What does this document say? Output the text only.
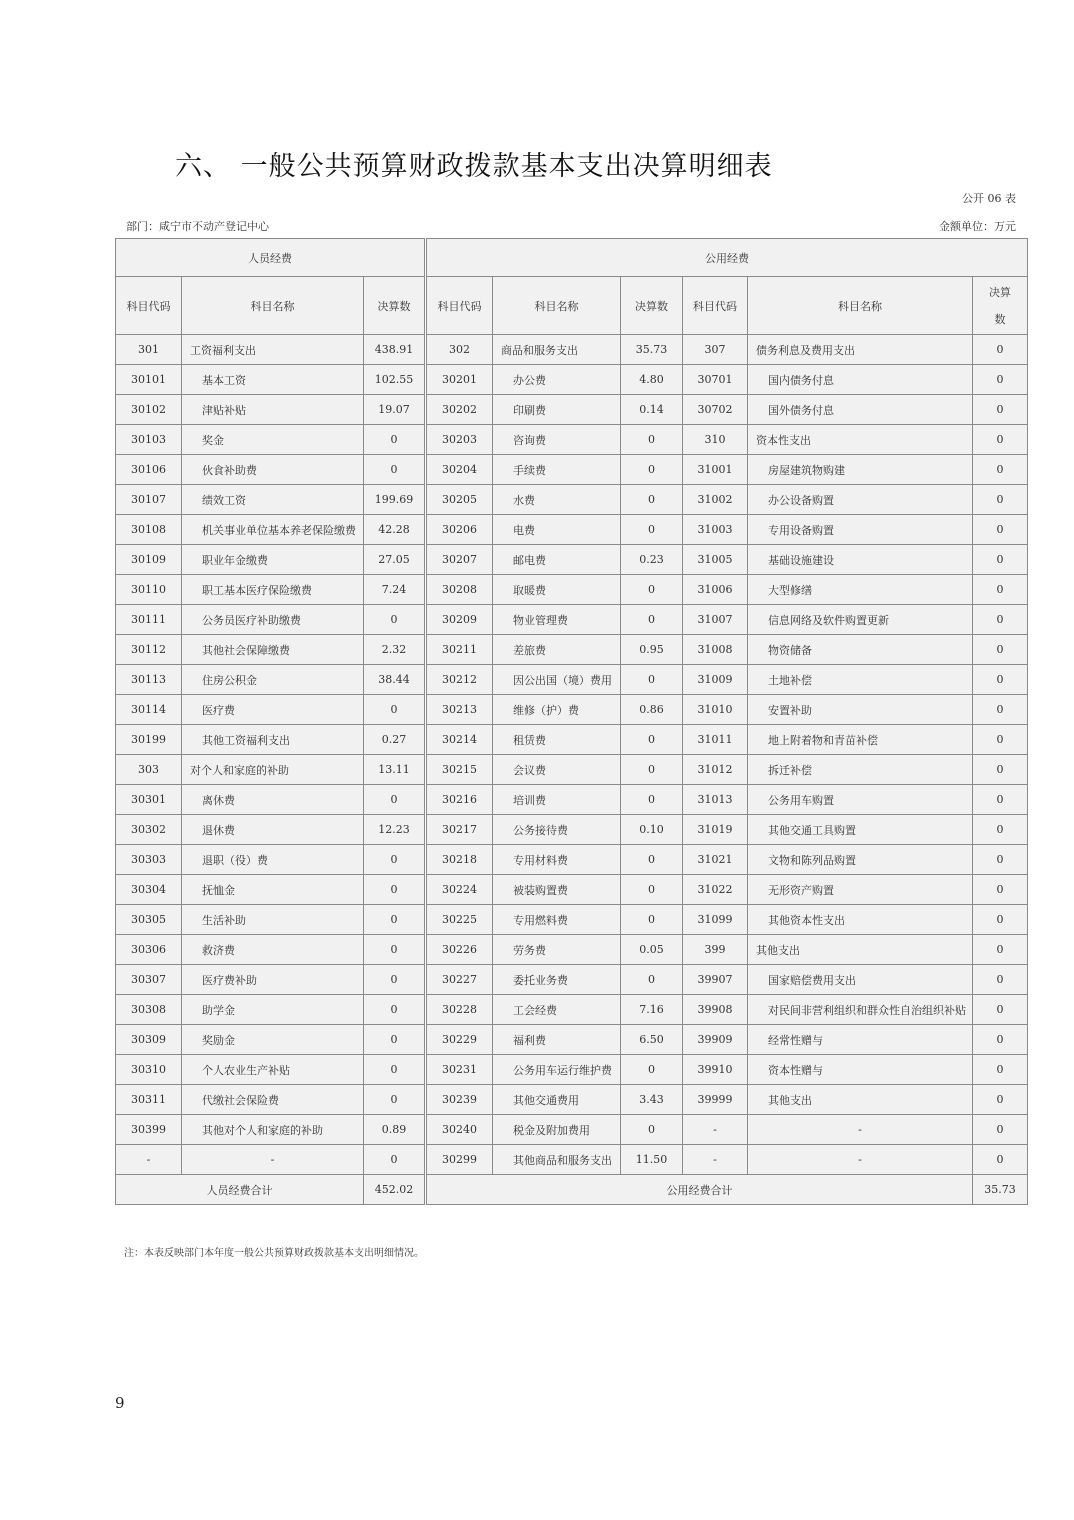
六、 一般公共预算财政拨款基本支出决算明细表
公开 06 表
部门：咸宁市不动产登记中心	金额单位：万元
人员经费				公用经费					
科目代码	科目名称	决算数		科目代码	科目名称	决算数	科目代码	科目名称	决算
数
301	工资福利支出	438.91		302	商品和服务支出	35.73	307	债务利息及费用支出	0
30101	基本工资	102.55		30201	办公费	4.80	30701	国内债务付息	0
30102	津贴补贴	19.07		30202	印刷费	0.14	30702	国外债务付息	0
30103	奖金	0		30203	咨询费	0	310	资本性支出	0
30106	伙食补助费	0		30204	手续费	0	31001	房屋建筑物购建	0
30107	绩效工资	199.69		30205	水费	0	31002	办公设备购置	0
30108	机关事业单位基本养老保险缴费	42.28		30206	电费	0	31003	专用设备购置	0
30109	职业年金缴费	27.05		30207	邮电费	0.23	31005	基础设施建设	0
30110	职工基本医疗保险缴费	7.24		30208	取暖费	0	31006	大型修缮	0
30111	公务员医疗补助缴费	0		30209	物业管理费	0	31007	信息网络及软件购置更新	0
30112	其他社会保障缴费	2.32		30211	差旅费	0.95	31008	物资储备	0
30113	住房公积金	38.44		30212	因公出国（境）费用	0	31009	土地补偿	0
30114	医疗费	0		30213	维修（护）费	0.86	31010	安置补助	0
30199	其他工资福利支出	0.27		30214	租赁费	0	31011	地上附着物和青苗补偿	0
303	对个人和家庭的补助	13.11		30215	会议费	0	31012	拆迁补偿	0
30301	离休费	0		30216	培训费	0	31013	公务用车购置	0
30302	退休费	12.23		30217	公务接待费	0.10	31019	其他交通工具购置	0
30303	退职（役）费	0		30218	专用材料费	0	31021	文物和陈列品购置	0
30304	抚恤金	0		30224	被装购置费	0	31022	无形资产购置	0
30305	生活补助	0		30225	专用燃料费	0	31099	其他资本性支出	0
30306	救济费	0		30226	劳务费	0.05	399	其他支出	0
30307	医疗费补助	0		30227	委托业务费	0	39907	国家赔偿费用支出	0
30308	助学金	0		30228	工会经费	7.16	39908	对民间非营利组织和群众性自治组织补贴	0
30309	奖励金	0		30229	福利费	6.50	39909	经常性赠与	0
30310	个人农业生产补贴	0		30231	公务用车运行维护费	0	39910	资本性赠与	0
30311	代缴社会保险费	0		30239	其他交通费用	3.43	39999	其他支出	0
30399	其他对个人和家庭的补助	0.89		30240	税金及附加费用	0	-	-	0
-	-	0		30299	其他商品和服务支出	11.50	-	-	0
人员经费合计		452.02		公用经费合计					35.73
注：本表反映部门本年度一般公共预算财政拨款基本支出明细情况。
9
